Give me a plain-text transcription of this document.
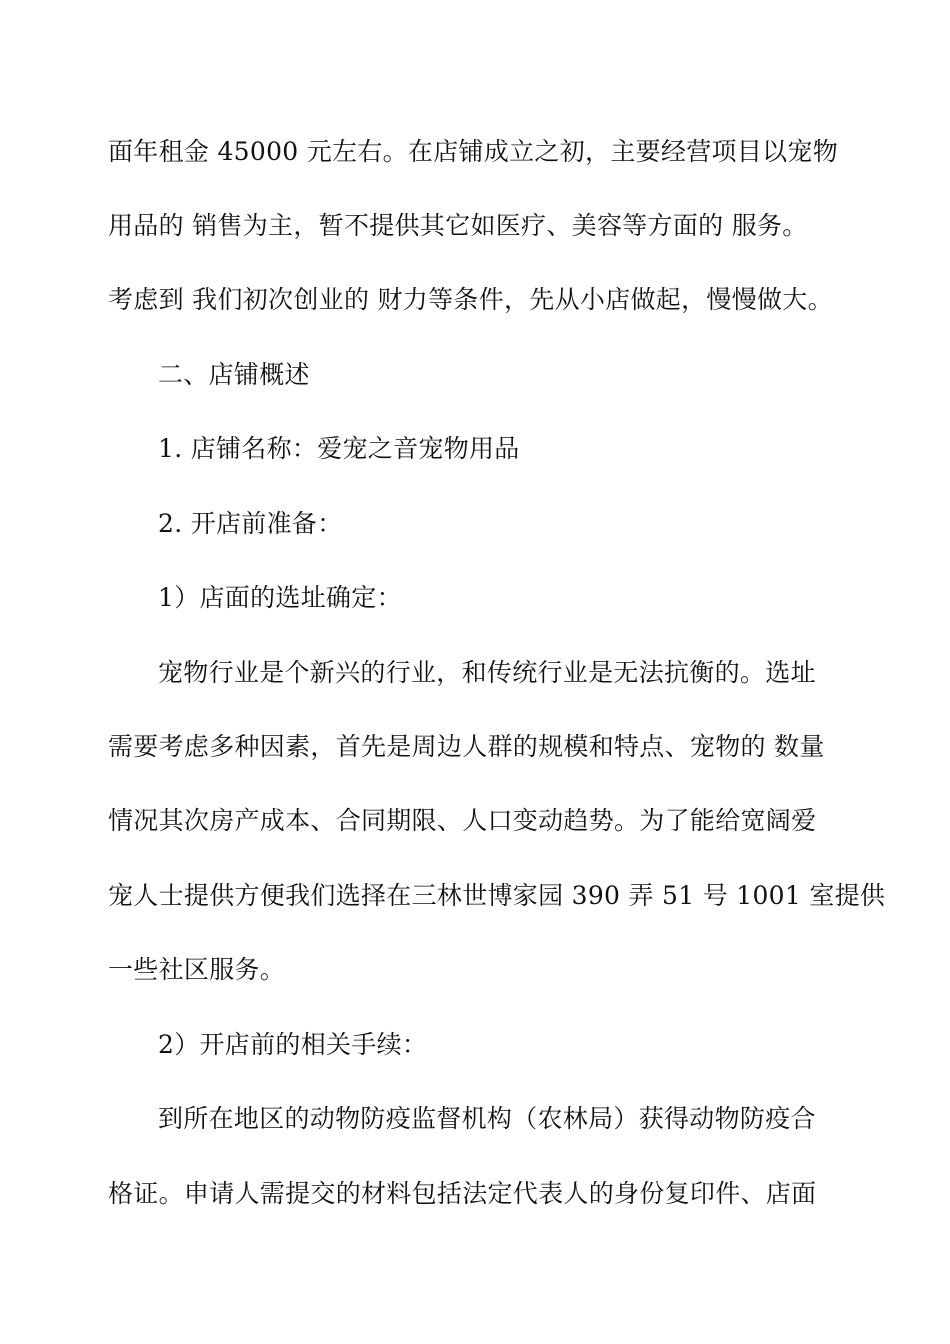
面年租金 45000 元左右。在店铺成立之初，主要经营项目以宠物
用品的 销售为主，暂不提供其它如医疗、美容等方面的 服务。
考虑到 我们初次创业的 财力等条件，先从小店做起，慢慢做大。
二、店铺概述
1. 店铺名称：爱宠之音宠物用品
2. 开店前准备：
1）店面的选址确定：
宠物行业是个新兴的行业，和传统行业是无法抗衡的。选址
需要考虑多种因素，首先是周边人群的规模和特点、宠物的 数量
情况其次房产成本、合同期限、人口变动趋势。为了能给宽阔爱
宠人士提供方便我们选择在三林世博家园 390 弄 51 号 1001 室提供
一些社区服务。
2）开店前的相关手续：
到所在地区的动物防疫监督机构（农林局）获得动物防疫合
格证。申请人需提交的材料包括法定代表人的身份复印件、店面
